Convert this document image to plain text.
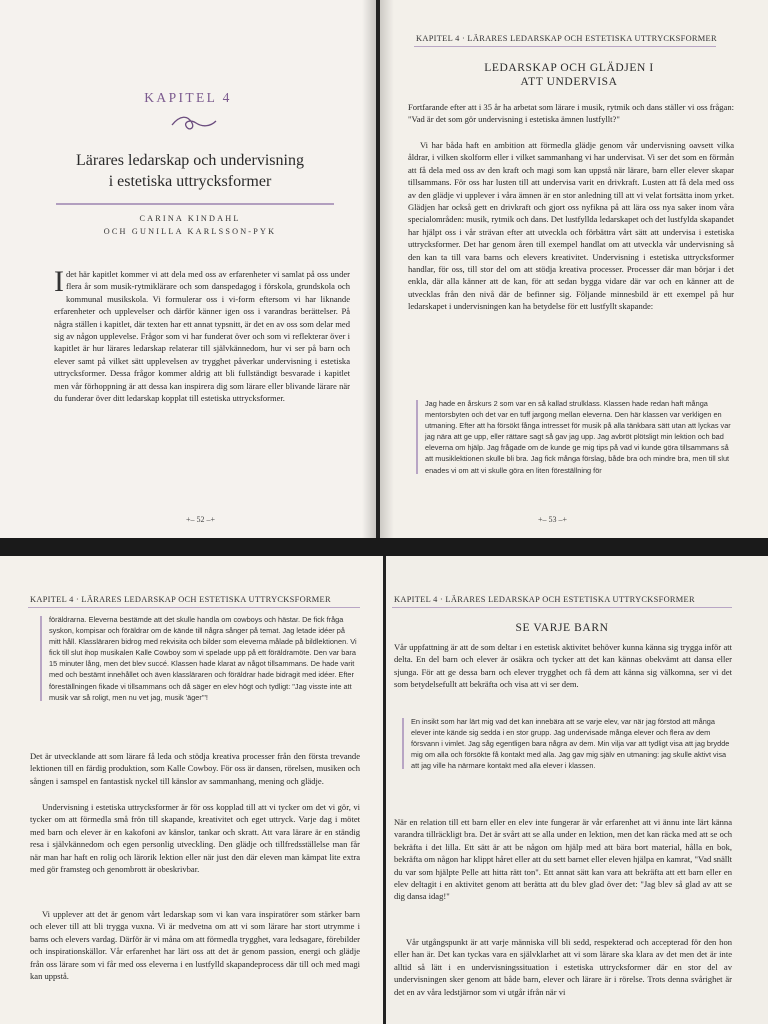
KAPITEL 4
Lärares ledarskap och undervisning
i estetiska uttrycksformer
CARINA KINDAHL
OCH GUNILLA KARLSSON-PYK
Idet här kapitlet kommer vi att dela med oss av erfarenheter vi samlat på oss under flera år som musik-rytmiklärare och som danspedagog i förskola, grundskola och kommunal musikskola. Vi formulerar oss i vi-form eftersom vi har liknande erfarenheter och upplevelser och därför känner igen oss i varandras berättelser. På några ställen i kapitlet, där texten har ett annat typsnitt, är det en av oss som delar med sig av någon upplevelse. Frågor som vi har funderat över och som vi reflekterar över i kapitlet är hur lärares ledarskap relaterar till självkännedom, hur vi ser på barn och elever samt på vilket sätt upplevelsen av trygghet påverkar undervisning i estetiska uttrycksformer. Dessa frågor kommer aldrig att bli fullständigt besvarade i kapitlet men vår förhoppning är att dessa kan inspirera dig som lärare eller blivande lärare när du funderar över ditt ledarskap kopplat till estetiska uttrycksformer.
+– 52 –+
KAPITEL 4 · LÄRARES LEDARSKAP OCH ESTETISKA UTTRYCKSFORMER
LEDARSKAP OCH GLÄDJEN I
ATT UNDERVISA
Fortfarande efter att i 35 år ha arbetat som lärare i musik, rytmik och dans ställer vi oss frågan: "Vad är det som gör undervisning i estetiska ämnen lustfyllt?"
Vi har båda haft en ambition att förmedla glädje genom vår undervisning oavsett vilka åldrar, i vilken skolform eller i vilket sammanhang vi har undervisat. Vi ser det som en förmån att få dela med oss av den kraft och magi som kan uppstå när lärare, barn eller elever skapar tillsammans. För oss har lusten till att undervisa varit en drivkraft. Lusten att få dela med oss av den glädje vi upplever i våra ämnen är en stor anledning till att vi velat fortsätta inom yrket. Glädjen har också gett en drivkraft och gjort oss nyfikna på att lära oss nya saker inom våra specialområden: musik, rytmik och dans. Det lustfyllda ledarskapet och det lustfylda skapandet har hjälpt oss i vår strävan efter att utveckla och förbättra vårt sätt att undervisa i estetiska uttrycksformer. Det har genom åren till exempel handlat om att utveckla vår undervisning så den kan ta till vara barns och elevers kreativitet. Undervisning i estetiska uttrycksformer handlar, för oss, till stor del om att stödja kreativa processer. Processer där man börjar i det enkla, där alla känner att de kan, för att sedan bygga vidare där var och en känner att de utvecklas från den nivå där de befinner sig. Följande minnesbild är ett exempel på hur ledarskapet i undervisningen kan ha betydelse för ett lustfyllt skapande:
Jag hade en årskurs 2 som var en så kallad strulklass. Klassen hade redan haft många mentorsbyten och det var en tuff jargong mellan eleverna. Den här klassen var verkligen en utmaning. Efter att ha försökt fånga intresset för musik på alla tänkbara sätt utan att lyckas var jag nära att ge upp, eller rättare sagt så gav jag upp. Jag avbröt plötsligt min lektion och bad eleverna om hjälp. Jag frågade om de kunde ge mig tips på vad vi kunde göra tillsammans så att musiklektionen skulle bli bra. Jag fick många förslag, både bra och mindre bra, men till slut enades vi om att vi skulle göra en liten föreställning för
+– 53 –+
KAPITEL 4 · LÄRARES LEDARSKAP OCH ESTETISKA UTTRYCKSFORMER
föräldrarna. Eleverna bestämde att det skulle handla om cowboys och hästar. De fick fråga syskon, kompisar och föräldrar om de kände till några sånger på temat. Jag letade idéer på mitt håll. Klassläraren bidrog med rekvisita och bilder som eleverna målade på bildlektionen. Vi fick till slut ihop musikalen Kalle Cowboy som vi spelade upp på ett föräldramöte. Den var bara 15 minuter lång, men det blev succé. Klassen hade klarat av något tillsammans. De hade varit med och bestämt innehållet och även klassläraren och föräldrar hade bidragit med idéer. Efter föreställningen fikade vi tillsammans och då säger en elev högt och tydligt: "Jag visste inte att musik var så roligt, men nu vet jag, musik 'äger'"!
Det är utvecklande att som lärare få leda och stödja kreativa processer från den första trevande lektionen till en färdig produktion, som Kalle Cowboy. För oss är dansen, rörelsen, musiken och sången i samspel en fantastisk nyckel till känslor av sammanhang, mening och glädje.
Undervisning i estetiska uttrycksformer är för oss kopplad till att vi tycker om det vi gör, vi tycker om att förmedla små frön till skapande, kreativitet och eget uttryck. Varje dag i mötet med barn och elever är en kakofoni av känslor, tankar och skratt. Att vara lärare är en ständig resa i självkännedom och egen personlig utveckling. Den glädje och tillfredsställelse man får när man har haft en rolig och lärorik lektion eller när just den där eleven man kämpat lite extra med gör framsteg och genombrott är obeskrivbar.
Vi upplever att det är genom vårt ledarskap som vi kan vara inspiratörer som stärker barn och elever till att bli trygga vuxna. Vi är medvetna om att vi som lärare har stort utrymme i barns och elevers vardag. Därför är vi måna om att förmedla trygghet, vara ledsagare, förebilder och inspirationskällor. Vår erfarenhet har lärt oss att det är genom passion, energi och glädje från oss lärare som vi får med oss eleverna i en lustfylld skapandeprocess där till och med magi kan uppstå.
KAPITEL 4 · LÄRARES LEDARSKAP OCH ESTETISKA UTTRYCKSFORMER
SE VARJE BARN
Vår uppfattning är att de som deltar i en estetisk aktivitet behöver kunna känna sig trygga inför att delta. En del barn och elever är osäkra och tycker att det kan kännas obekvämt att dansa eller sjunga. För att ge dessa barn och elever trygghet och få dem att känna sig välkomna, ser vi det som betydelsefullt att bekräfta och visa att vi ser dem.
En insikt som har lärt mig vad det kan innebära att se varje elev, var när jag förstod att många elever inte kände sig sedda i en stor grupp. Jag undervisade många elever och flera av dem försvann i vimlet. Jag såg egentligen bara några av dem. Min vilja var att tydligt visa att jag brydde mig om alla och försökte få kontakt med alla. Jag gav mig själv en utmaning: jag skulle aktivt visa att jag ville ha närmare kontakt med alla elever i klassen.
När en relation till ett barn eller en elev inte fungerar är vår erfarenhet att vi ännu inte lärt känna varandra tillräckligt bra. Det är svårt att se alla under en lektion, men det kan räcka med att se och bekräfta i det lilla. Ett sätt är att be någon om hjälp med att bära bort material, hålla en bok, bekräfta om någon har klippt håret eller att du sett barnet eller eleven hjälpa en kamrat, "Vad snällt du var som hjälpte Pelle att hitta rätt ton". Ett annat sätt kan vara att bekräfta att ett barn eller en elev deltagit i en aktivitet genom att berätta att du blev glad över det: "Jag blev så glad av att se dig dansa idag!"
Vår utgångspunkt är att varje människa vill bli sedd, respekterad och accepterad för den hon eller han är. Det kan tyckas vara en självklarhet att vi som lärare ska klara av det men det är inte alltid så lätt i en undervisningssituation i estetiska uttrycksformer där en stor del av undervisningen sker genom att både barn, elever och lärare är i rörelse. Trots denna svårighet är det en av våra ledstjärnor som vi utgår ifrån när vi
